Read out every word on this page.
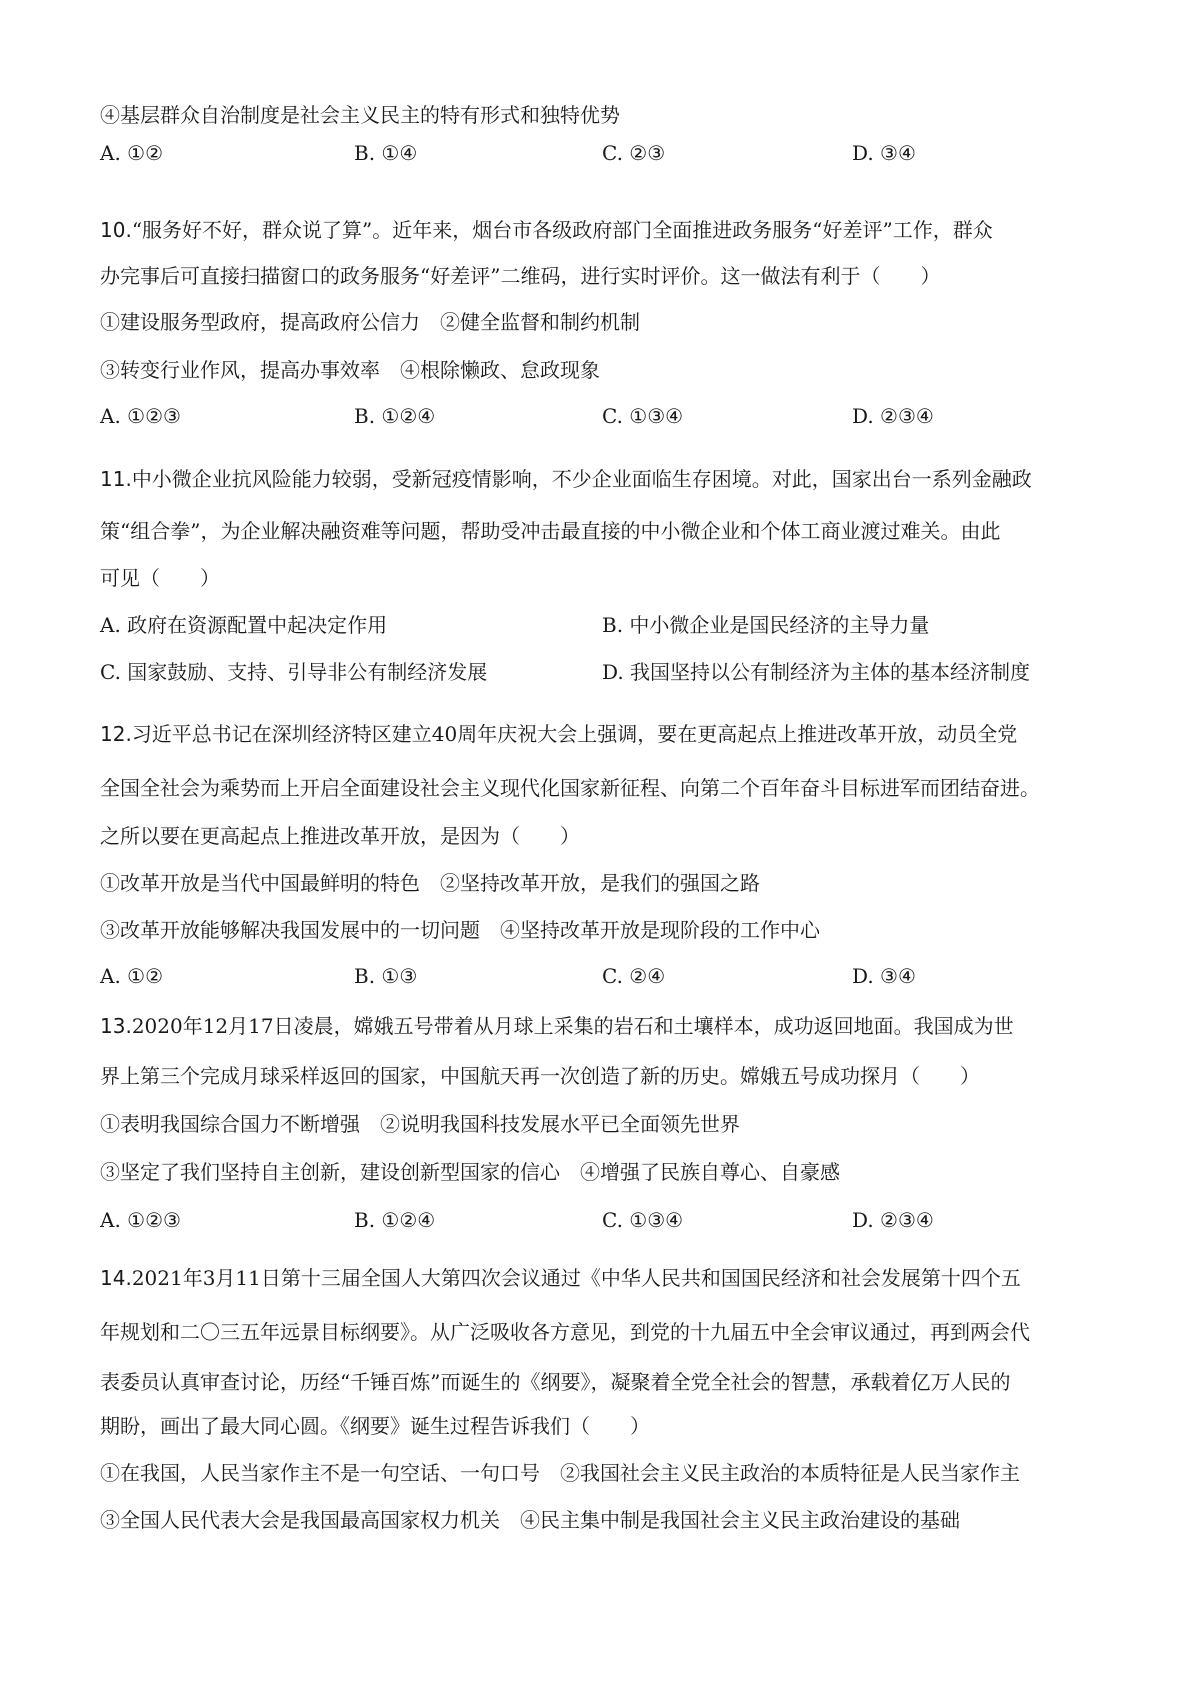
④基层群众自治制度是社会主义民主的特有形式和独特优势
A. ①②	B. ①④	C. ②③	D. ③④
10.“服务好不好，群众说了算”。近年来，烟台市各级政府部门全面推进政务服务“好差评”工作，群众
办完事后可直接扫描窗口的政务服务“好差评”二维码，进行实时评价。这一做法有利于（　　）
①建设服务型政府，提高政府公信力　②健全监督和制约机制
③转变行业作风，提高办事效率　④根除懒政、怠政现象
A. ①②③	B. ①②④	C. ①③④	D. ②③④
11.中小微企业抗风险能力较弱，受新冠疫情影响，不少企业面临生存困境。对此，国家出台一系列金融政
策“组合拳”，为企业解决融资难等问题，帮助受冲击最直接的中小微企业和个体工商业渡过难关。由此
可见（　　）
A. 政府在资源配置中起决定作用	B. 中小微企业是国民经济的主导力量
C. 国家鼓励、支持、引导非公有制经济发展	D. 我国坚持以公有制经济为主体的基本经济制度
12.习近平总书记在深圳经济特区建立40周年庆祝大会上强调，要在更高起点上推进改革开放，动员全党
全国全社会为乘势而上开启全面建设社会主义现代化国家新征程、向第二个百年奋斗目标进军而团结奋进。
之所以要在更高起点上推进改革开放，是因为（　　）
①改革开放是当代中国最鲜明的特色　②坚持改革开放，是我们的强国之路
③改革开放能够解决我国发展中的一切问题　④坚持改革开放是现阶段的工作中心
A. ①②	B. ①③	C. ②④	D. ③④
13.2020年12月17日凌晨，嫦娥五号带着从月球上采集的岩石和土壤样本，成功返回地面。我国成为世
界上第三个完成月球采样返回的国家，中国航天再一次创造了新的历史。嫦娥五号成功探月（　　）
①表明我国综合国力不断增强　②说明我国科技发展水平已全面领先世界
③坚定了我们坚持自主创新，建设创新型国家的信心　④增强了民族自尊心、自豪感
A. ①②③	B. ①②④	C. ①③④	D. ②③④
14.2021年3月11日第十三届全国人大第四次会议通过《中华人民共和国国民经济和社会发展第十四个五
年规划和二〇三五年远景目标纲要》。从广泛吸收各方意见，到党的十九届五中全会审议通过，再到两会代
表委员认真审查讨论，历经“千锤百炼”而诞生的《纲要》，凝聚着全党全社会的智慧，承载着亿万人民的
期盼，画出了最大同心圆。《纲要》诞生过程告诉我们（　　）
①在我国，人民当家作主不是一句空话、一句口号　②我国社会主义民主政治的本质特征是人民当家作主
③全国人民代表大会是我国最高国家权力机关　④民主集中制是我国社会主义民主政治建设的基础
